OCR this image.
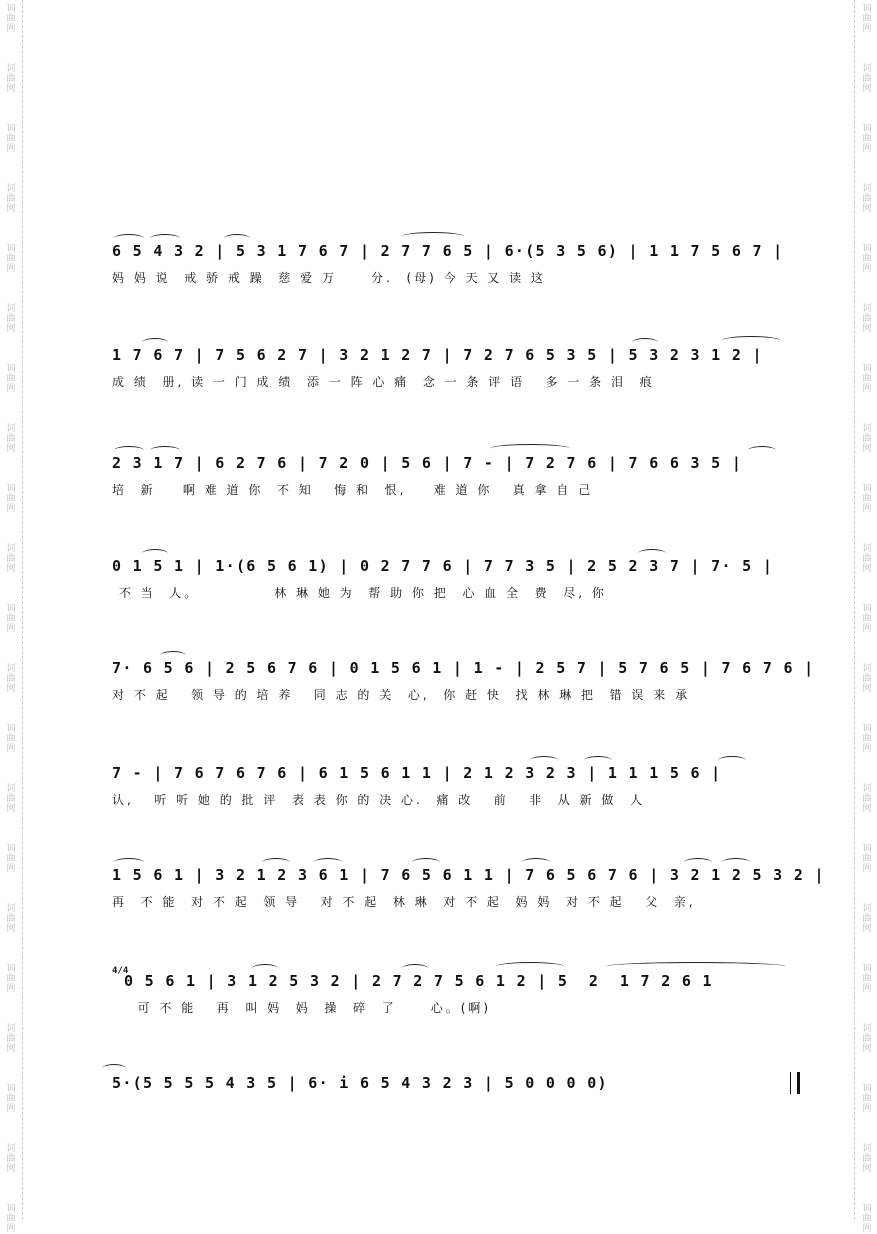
词
曲
网
词
曲
网
词
曲
网
词
曲
网
词
曲
网
词
曲
网
词
曲
网
词
曲
网
词
曲
网
词
曲
网
词
曲
网
词
曲
网
词
曲
网
词
曲
网
词
曲
网
词
曲
网
词
曲
网
词
曲
网
词
曲
网
词
曲
网
词
曲
网
词
曲
网
词
曲
网
词
曲
网
词
曲
网
词
曲
网
词
曲
网
词
曲
网
词
曲
网
词
曲
网
词
曲
网
词
曲
网
词
曲
网
词
曲
网
词
曲
网
词
曲
网
词
曲
网
词
曲
网
词
曲
网
词
曲
网
词
曲
网
词
曲
网
6 5 4 3 2 | 5 3 1 7 6 7 | 2 7 7 6 5 | 6·(5 3 5 6) | 1 1 7 5 6 7 |
妈 妈 说  戒 骄 戒 躁  慈 爱 万     分.  (母) 今 天 又 读 这
1 7 6 7 | 7 5 6 2 7 | 3 2 1 2 7 | 7 2 7 6 5 3 5 | 5 3 2 3 1 2 |
成 绩  册, 读 一 门 成 绩  添 一 阵 心 痛  念 一 条 评 语   多 一 条 泪  痕
2 3 1 7 | 6 2 7 6 | 7 2 0 | 5 6 | 7 - | 7 2 7 6 | 7 6 6 3 5 |
培  新    啊 难 道 你  不 知   悔 和  恨,    难 道 你   真 拿 自 己
0 1 5 1 | 1·(6 5 6 1) | 0 2 7 7 6 | 7 7 3 5 | 2 5 2 3 7 | 7· 5 |
不 当  人。           林 琳 她 为  帮 助 你 把  心 血 全  费  尽, 你
7· 6 5 6 | 2 5 6 7 6 | 0 1 5 6 1 | 1 - | 2 5 7 | 5 7 6 5 | 7 6 7 6 |
对 不 起   领 导 的 培 养   同 志 的 关  心,  你 赶 快  找 林 琳 把  错 误 来 承
7 - | 7 6 7 6 7 6 | 6 1 5 6 1 1 | 2 1 2 3 2 3 | 1 1 1 5 6 |
认,   听 听 她 的 批 评  表 表 你 的 决 心.  痛 改   前   非  从 新 做  人
1 5 6 1 | 3 2 1 2 3 6 1 | 7 6 5 6 1 1 | 7 6 5 6 7 6 | 3 2 1 2 5 3 2 |
再  不 能  对 不 起  领 导   对 不 起  林 琳  对 不 起  妈 妈  对 不 起   父  亲,
4/4
0 5 6 1 | 3 1 2 5 3 2 | 2 7 2 7 5 6 1 2 | 5  2  1 7 2 6 1
可 不 能   再  叫 妈  妈  操  碎  了     心。(啊)
5·(5 5 5 5 4 3 5 | 6· i 6 5 4 3 2 3 | 5 0 0 0 0)
